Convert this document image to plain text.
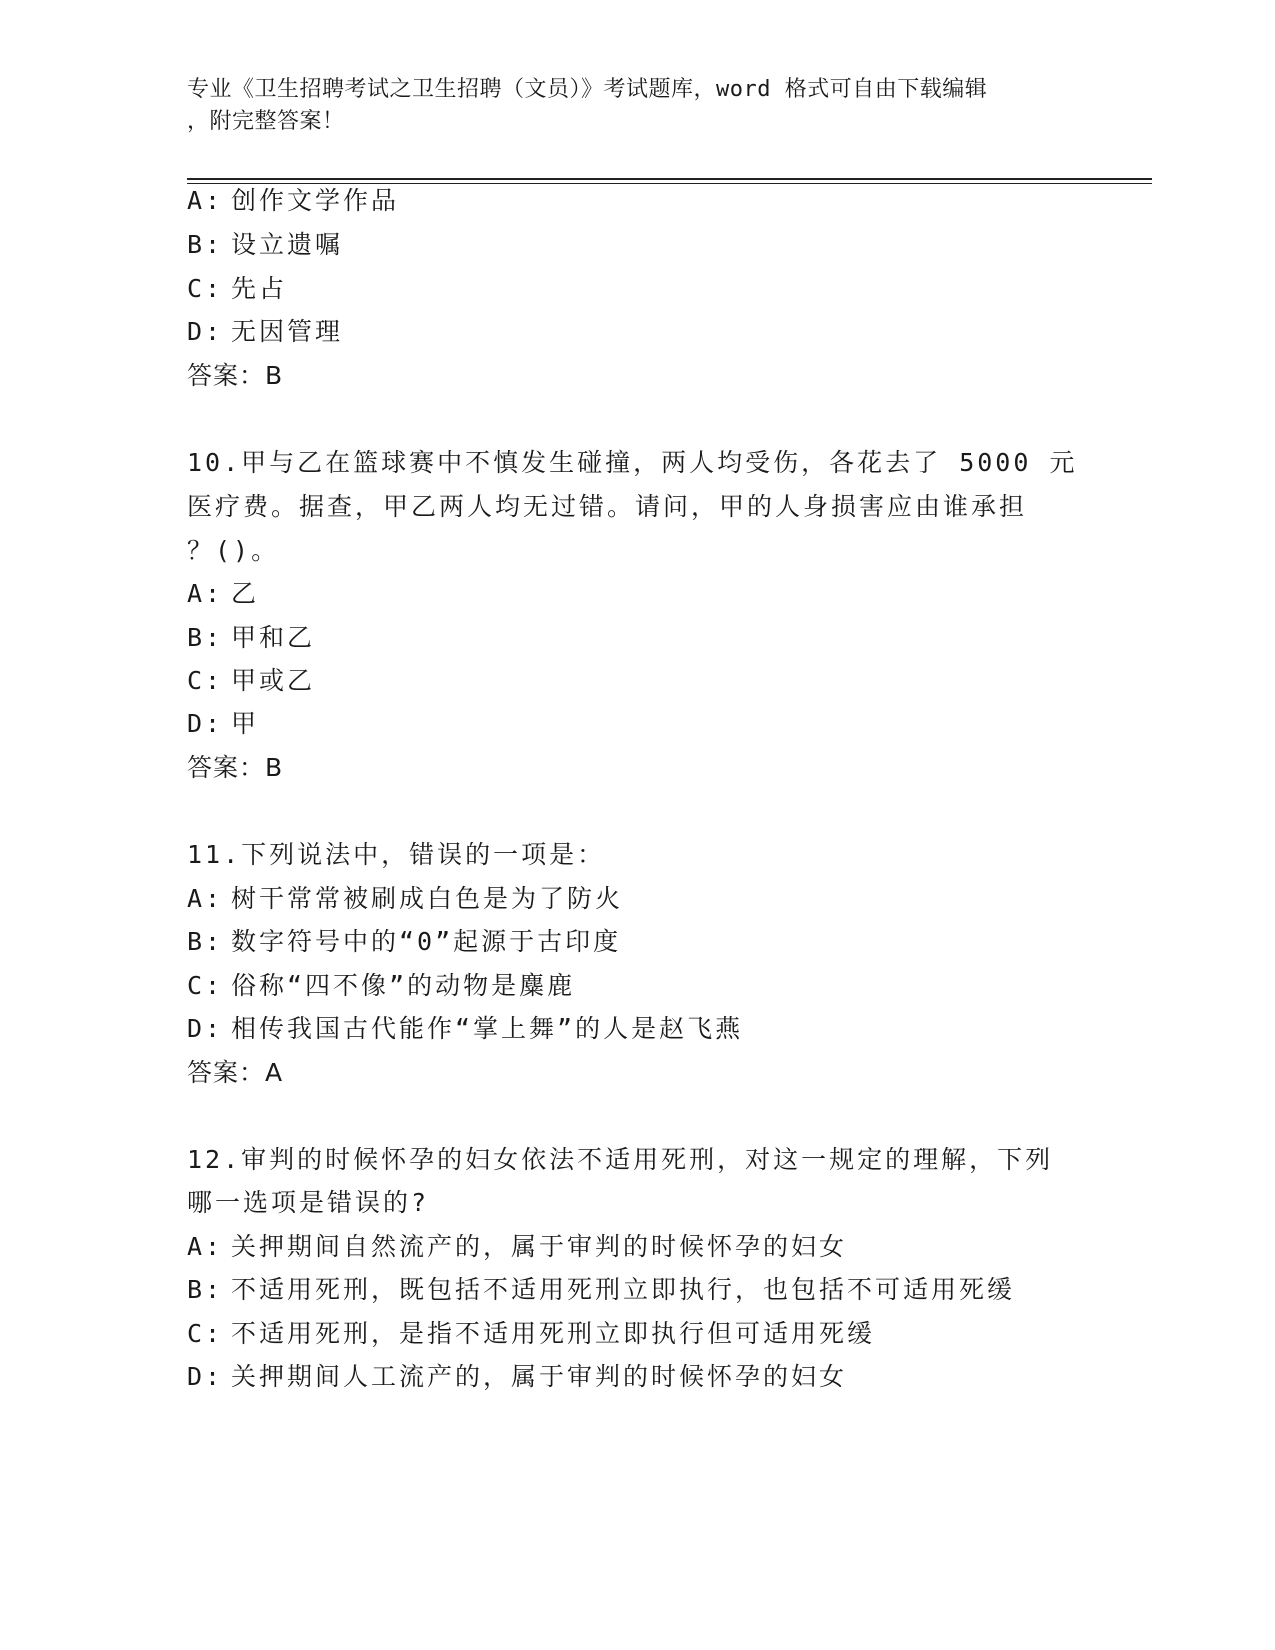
专业《卫生招聘考试之卫生招聘（文员）》考试题库，word 格式可自由下载编辑
，附完整答案！
A: 创作文学作品
B: 设立遗嘱
C: 先占
D: 无因管理
答案：B
10.甲与乙在篮球赛中不慎发生碰撞，两人均受伤，各花去了 5000 元
医疗费。据查，甲乙两人均无过错。请问，甲的人身损害应由谁承担
？()。
A: 乙
B: 甲和乙
C: 甲或乙
D: 甲
答案：B
11.下列说法中，错误的一项是：
A: 树干常常被刷成白色是为了防火
B: 数字符号中的“0”起源于古印度
C: 俗称“四不像”的动物是麋鹿
D: 相传我国古代能作“掌上舞”的人是赵飞燕
答案：A
12.审判的时候怀孕的妇女依法不适用死刑，对这一规定的理解，下列
哪一选项是错误的?
A: 关押期间自然流产的，属于审判的时候怀孕的妇女
B: 不适用死刑，既包括不适用死刑立即执行，也包括不可适用死缓
C: 不适用死刑，是指不适用死刑立即执行但可适用死缓
D: 关押期间人工流产的，属于审判的时候怀孕的妇女
